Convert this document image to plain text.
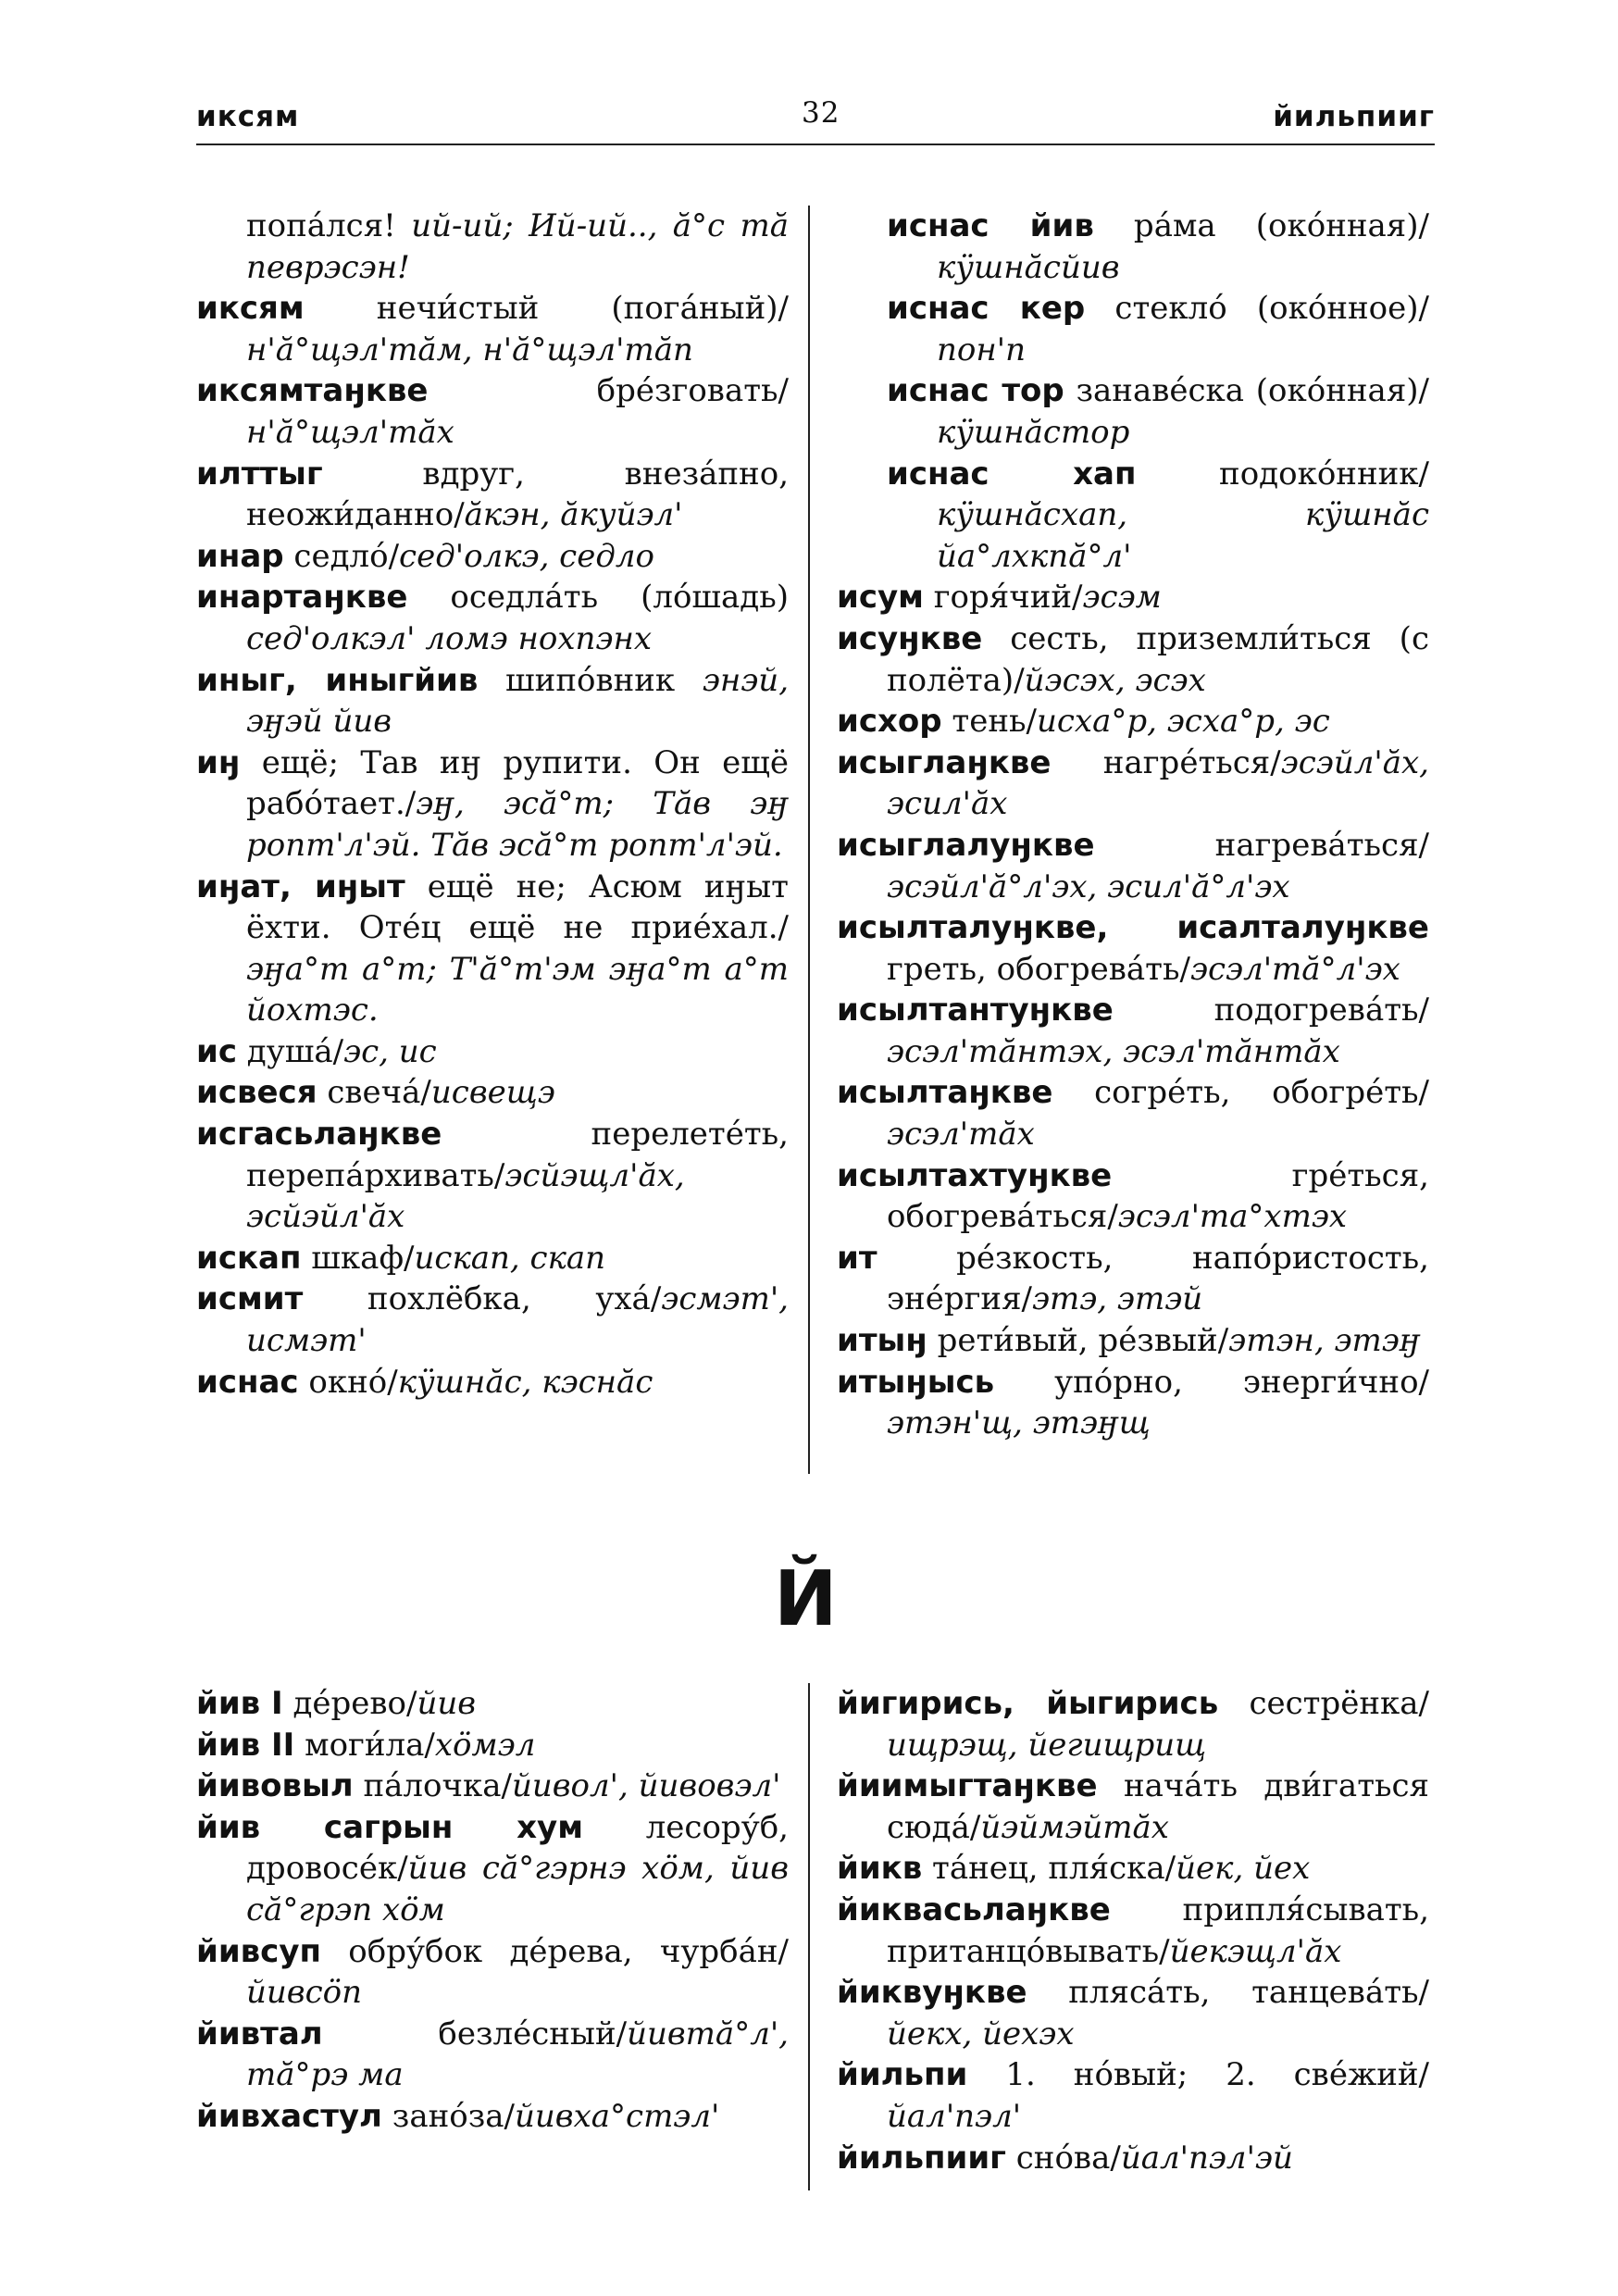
иксям	32	йильпииг
попа́лся! ий-ий; Ий-ий.., ӑ°с тӑ певрэсэн!
иксям нечи́стый (пога́ный)/н'ӑ°щэл'тӑм, н'ӑ°щэл'тӑп
иксямтаӈкве брéзговать/н'ӑ°щэл'тӑх
илттыг вдруг, внеза́пно, неожи́данно/ӑкэн, ӑкуйэл'
инар седло́/сед'олкэ, седло
инартаӈкве оседла́ть (ло́шадь) сед'олкэл' ломэ нохпэнх
иныг, иныгйив шипо́вник энэй, эӈэй йив
иӈ ещё; Тав иӈ рупити. Он ещё рабо́тает./эӈ, эсӑ°т; Тӑв эӈ ропт'л'эй. Тӑв эсӑ°т ропт'л'эй.
иӈат, иӈыт ещё не; Асюм иӈыт ёхти. Оте́ц ещё не прие́хал./эӈа°т а°т; Т'ӑ°т'эм эӈа°т а°т йохтэс.
ис душа́/эс, ис
исвеся свеча́/исвещэ
исгасьлаӈкве перелете́ть, перепа́рхивать/эсйэщл'ӑх, эсйэйл'ӑх
искап шкаф/искап, скап
исмит похлёбка, уха́/эсмэт', исмэт'
иснас окно́/кӱшнӑс, кэснӑс
иснас йив ра́ма (око́нная)/кӱшнӑсйив
иснас кер стекло́ (око́нное)/пон'п
иснас тор занаве́ска (око́нная)/кӱшнӑстор
иснас хап подоко́нник/кӱшнӑсхап, кӱшнӑс йа°лхкпӑ°л'
исум горя́чий/эсэм
исуӈкве сесть, приземли́ться (с полёта)/йэсэх, эсэх
исхор тень/исха°р, эсха°р, эс
исыглаӈкве нагре́ться/эсэйл'ӑх, эсил'ӑх
исыглалуӈкве нагрева́ться/эсэйл'ӑ°л'эх, эсил'ӑ°л'эх
исылталуӈкве, исалталуӈкве греть, обогрева́ть/эсэл'тӑ°л'эх
исылтантуӈкве подогрева́ть/эсэл'тӑнтэх, эсэл'тӑнтӑх
исылтаӈкве согре́ть, обогре́ть/эсэл'тӑх
исылтахтуӈкве гре́ться, обогрева́ться/эсэл'та°хтэх
ит ре́зкость, напо́ристость, эне́ргия/этэ, этэй
итыӈ рети́вый, ре́звый/этэн, этэӈ
итыӈысь упо́рно, энерги́чно/этэн'щ, этэӈщ
Й
йив I де́рево/йив
йив II моги́ла/хӧмэл
йивовыл па́лочка/йивол', йивовэл'
йив сагрын хум лесору́б, дровосе́к/йив сӑ°гэрнэ хӧм, йив сӑ°грэп хӧм
йивсуп обру́бок де́рева, чурба́н/йивсӧп
йивтал безле́сный/йивтӑ°л', тӑ°рэ ма
йивхастул зано́за/йивха°стэл'
йигирись, йыгирись сестрёнка/ищрэщ, йегищрищ
йиимыгтаӈкве нача́ть дви́гаться сюда́/йэймэйтӑх
йикв та́нец, пля́ска/йек, йех
йиквасьлаӈкве припля́сывать, пританцо́вывать/йекэщл'ӑх
йиквуӈкве пляса́ть, танцева́ть/йекх, йехэх
йильпи 1. но́вый; 2. све́жий/йал'пэл'
йильпииг сно́ва/йал'пэл'эй
